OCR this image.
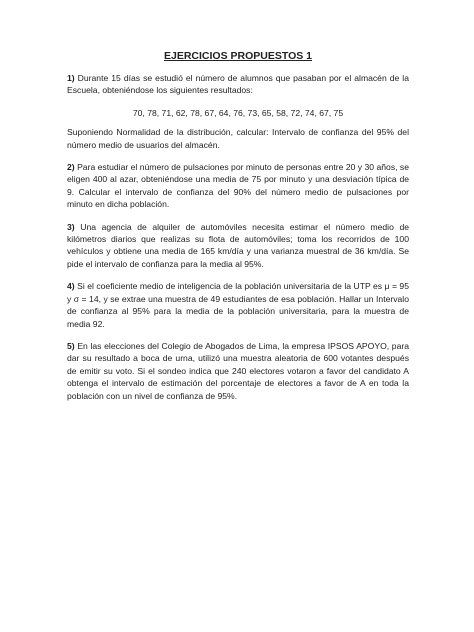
EJERCICIOS PROPUESTOS 1
1) Durante 15 días se estudió el número de alumnos que pasaban por el almacén de la Escuela, obteniéndose los siguientes resultados:
70, 78, 71, 62, 78, 67, 64, 76, 73, 65, 58, 72, 74, 67, 75
Suponiendo Normalidad de la distribución, calcular: Intervalo de confianza del 95% del número medio de usuarios del almacén.
2) Para estudiar el número de pulsaciones por minuto de personas entre 20 y 30 años, se eligen 400 al azar, obteniéndose una media de 75 por minuto y una desviación típica de 9. Calcular el intervalo de confianza del 90% del número medio de pulsaciones por minuto en dicha población.
3) Una agencia de alquiler de automóviles necesita estimar el número medio de kilómetros diarios que realizas su flota de automóviles; toma los recorridos de 100 vehículos y obtiene una media de 165 km/día y una varianza muestral de 36 km/día. Se pide el intervalo de confianza para la media al 95%.
4) Si el coeficiente medio de inteligencia de la población universitaria de la UTP es μ = 95 y σ = 14, y se extrae una muestra de 49 estudiantes de esa población. Hallar un Intervalo de confianza al 95% para la media de la población universitaria, para la muestra de media 92.
5) En las elecciones del Colegio de Abogados de Lima, la empresa IPSOS APOYO, para dar su resultado a boca de urna, utilizó una muestra aleatoria de 600 votantes después de emitir su voto. Si el sondeo indica que 240 electores votaron a favor del candidato A obtenga el intervalo de estimación del porcentaje de electores a favor de A en toda la población con un nivel de confianza de 95%.
